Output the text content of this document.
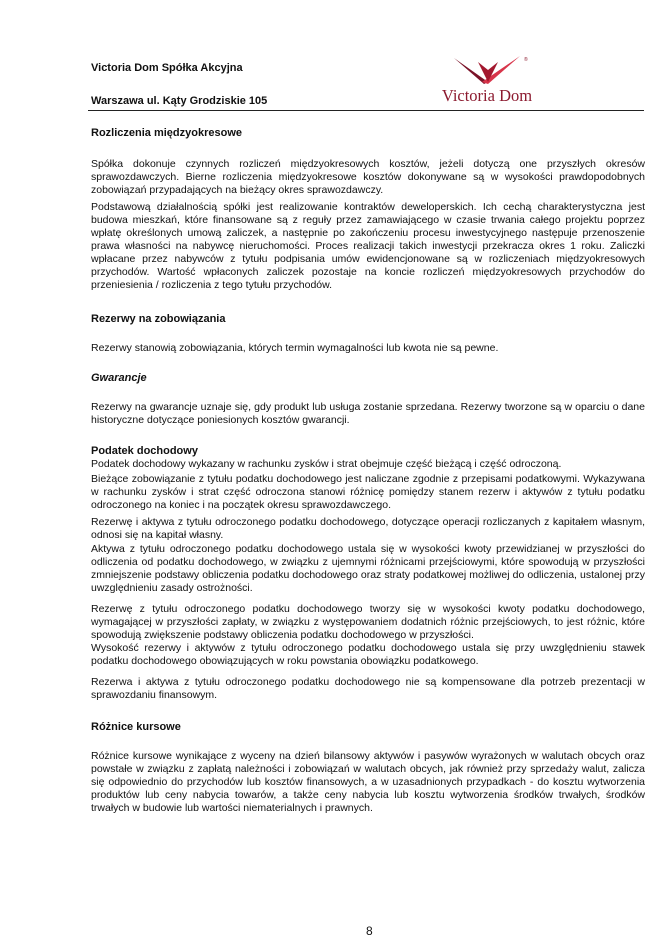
Victoria Dom Spółka Akcyjna
Warszawa ul. Kąty Grodziskie 105
®
Victoria Dom
Rozliczenia międzyokresowe

Spółka dokonuje czynnych rozliczeń międzyokresowych kosztów, jeżeli dotyczą one przyszłych okresów sprawozdawczych. Bierne rozliczenia międzyokresowe kosztów dokonywane są w wysokości prawdopodobnych zobowiązań przypadających na bieżący okres sprawozdawczy.

Podstawową działalnością spółki jest realizowanie kontraktów deweloperskich. Ich cechą charakterystyczna jest budowa mieszkań, które finansowane są z reguły przez zamawiającego w czasie trwania całego projektu poprzez wpłatę określonych umową zaliczek, a następnie po zakończeniu procesu inwestycyjnego następuje przenoszenie prawa własności na nabywcę nieruchomości. Proces realizacji takich inwestycji przekracza okres 1 roku. Zaliczki wpłacane przez nabywców z tytułu podpisania umów ewidencjonowane są w rozliczeniach międzyokresowych przychodów. Wartość wpłaconych zaliczek pozostaje na koncie rozliczeń międzyokresowych przychodów do przeniesienia / rozliczenia z tego tytułu przychodów.

Rezerwy na zobowiązania

Rezerwy stanowią zobowiązania, których termin wymagalności lub kwota nie są pewne.

Gwarancje

Rezerwy na gwarancje uznaje się, gdy produkt lub usługa zostanie sprzedana. Rezerwy tworzone są w oparciu o dane historyczne dotyczące poniesionych kosztów gwarancji.

Podatek dochodowy

Podatek dochodowy wykazany w rachunku zysków i strat obejmuje część bieżącą i część odroczoną.

Bieżące zobowiązanie z tytułu podatku dochodowego jest naliczane zgodnie z przepisami podatkowymi. Wykazywana w rachunku zysków i strat część odroczona stanowi różnicę pomiędzy stanem rezerw i aktywów z tytułu podatku odroczonego na koniec i na początek okresu sprawozdawczego.

Rezerwę i aktywa z tytułu odroczonego podatku dochodowego, dotyczące operacji rozliczanych z kapitałem własnym, odnosi się na kapitał własny.

Aktywa z tytułu odroczonego podatku dochodowego ustala się w wysokości kwoty przewidzianej w przyszłości do odliczenia od podatku dochodowego, w związku z ujemnymi różnicami przejściowymi, które spowodują w przyszłości zmniejszenie podstawy obliczenia podatku dochodowego oraz straty podatkowej możliwej do odliczenia, ustalonej przy uwzględnieniu zasady ostrożności.

Rezerwę z tytułu odroczonego podatku dochodowego tworzy się w wysokości kwoty podatku dochodowego, wymagającej w przyszłości zapłaty, w związku z występowaniem dodatnich różnic przejściowych, to jest różnic, które spowodują zwiększenie podstawy obliczenia podatku dochodowego w przyszłości.

Wysokość rezerwy i aktywów z tytułu odroczonego podatku dochodowego ustala się przy uwzględnieniu stawek podatku dochodowego obowiązujących w roku powstania obowiązku podatkowego.

Rezerwa i aktywa z tytułu odroczonego podatku dochodowego nie są kompensowane dla potrzeb prezentacji w sprawozdaniu finansowym.

Różnice kursowe

Różnice kursowe wynikające z wyceny na dzień bilansowy aktywów i pasywów wyrażonych w walutach obcych oraz powstałe w związku z zapłatą należności i zobowiązań w walutach obcych, jak również przy sprzedaży walut, zalicza się odpowiednio do przychodów lub kosztów finansowych, a w uzasadnionych przypadkach - do kosztu wytworzenia produktów lub ceny nabycia towarów, a także ceny nabycia lub kosztu wytworzenia środków trwałych, środków trwałych w budowie lub wartości niematerialnych i prawnych.

8
